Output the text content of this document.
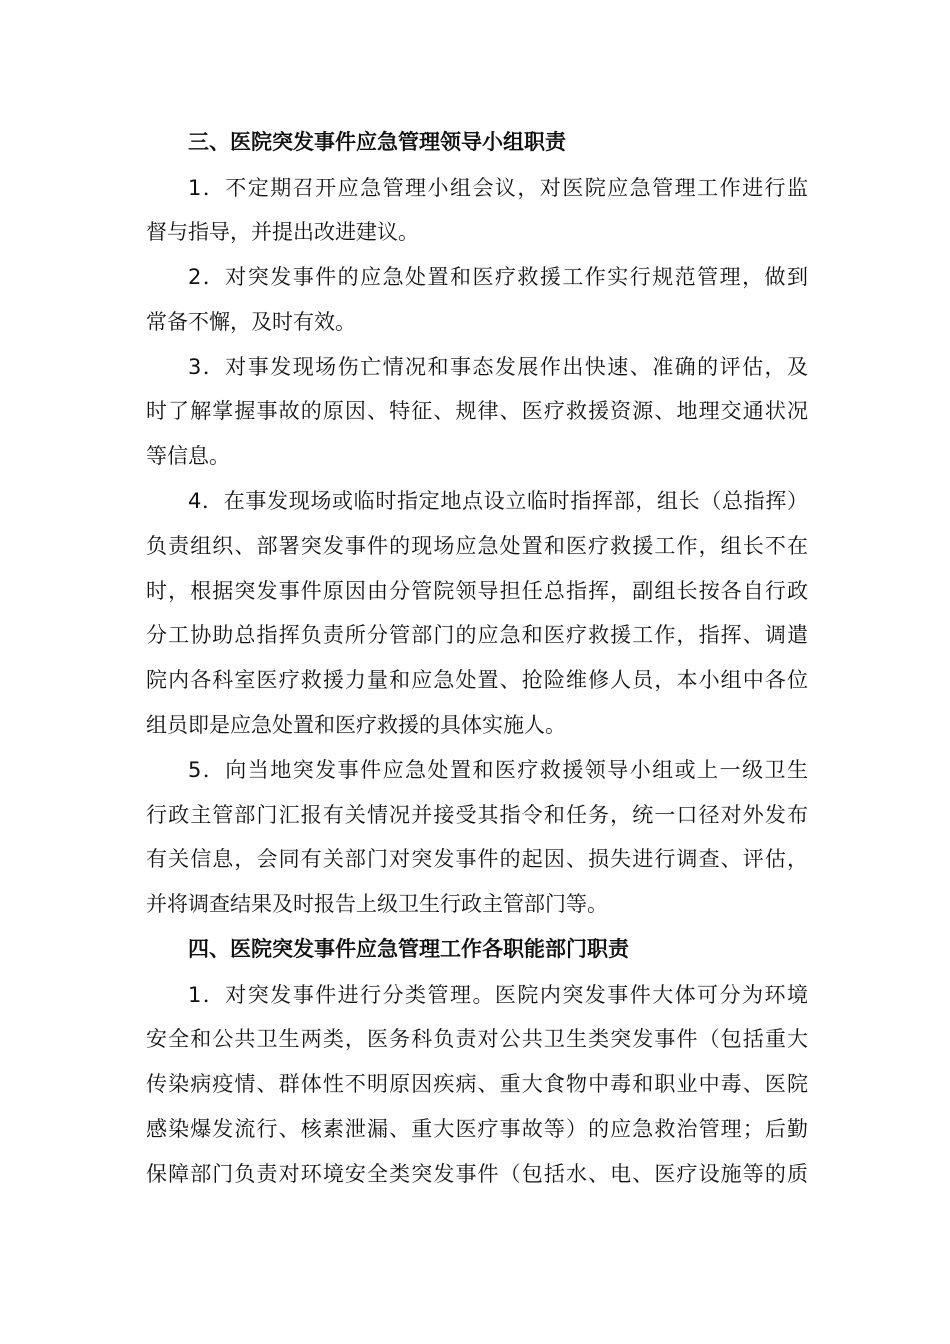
三、医院突发事件应急管理领导小组职责
1．不定期召开应急管理小组会议，对医院应急管理工作进行监
督与指导，并提出改进建议。
2．对突发事件的应急处置和医疗救援工作实行规范管理，做到
常备不懈，及时有效。
3．对事发现场伤亡情况和事态发展作出快速、准确的评估，及
时了解掌握事故的原因、特征、规律、医疗救援资源、地理交通状况
等信息。
4．在事发现场或临时指定地点设立临时指挥部，组长（总指挥）
负责组织、部署突发事件的现场应急处置和医疗救援工作，组长不在
时，根据突发事件原因由分管院领导担任总指挥，副组长按各自行政
分工协助总指挥负责所分管部门的应急和医疗救援工作，指挥、调遣
院内各科室医疗救援力量和应急处置、抢险维修人员，本小组中各位
组员即是应急处置和医疗救援的具体实施人。
5．向当地突发事件应急处置和医疗救援领导小组或上一级卫生
行政主管部门汇报有关情况并接受其指令和任务，统一口径对外发布
有关信息，会同有关部门对突发事件的起因、损失进行调查、评估，
并将调查结果及时报告上级卫生行政主管部门等。
四、医院突发事件应急管理工作各职能部门职责
1．对突发事件进行分类管理。医院内突发事件大体可分为环境
安全和公共卫生两类，医务科负责对公共卫生类突发事件（包括重大
传染病疫情、群体性不明原因疾病、重大食物中毒和职业中毒、医院
感染爆发流行、核素泄漏、重大医疗事故等）的应急救治管理；后勤
保障部门负责对环境安全类突发事件（包括水、电、医疗设施等的质
